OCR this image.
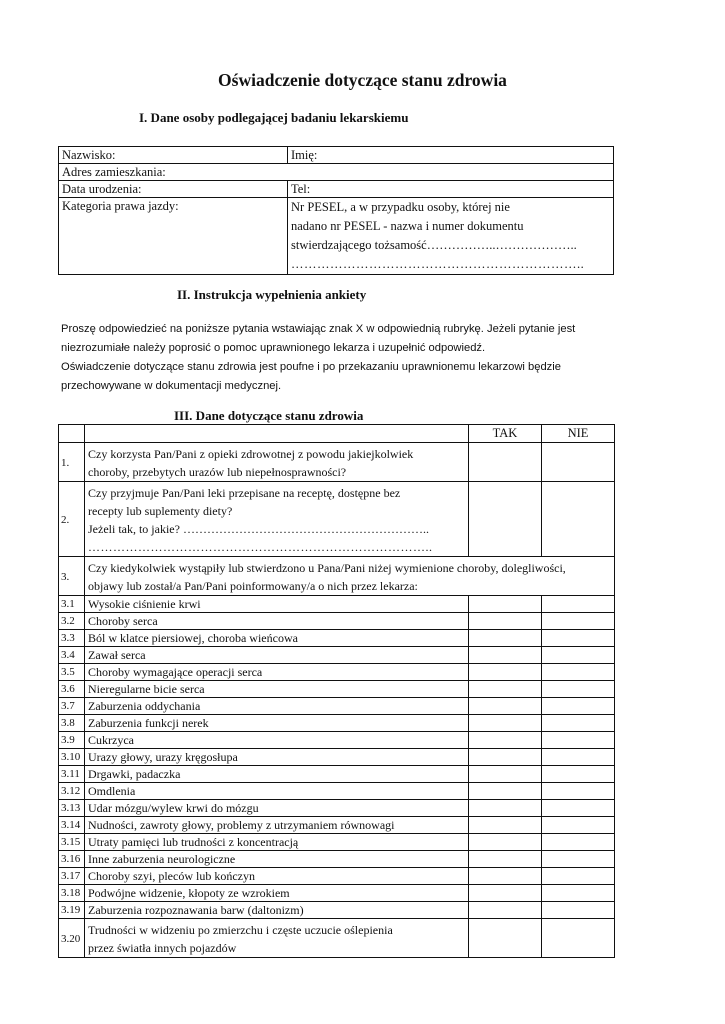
Oświadczenie dotyczące stanu zdrowia
I. Dane osoby podlegającej badaniu lekarskiemu
Nazwisko:	Imię:
Adres zamieszkania:	
Data urodzenia:	Tel:
Kategoria prawa jazdy:	Nr PESEL, a w przypadku osoby, której nie
nadano nr PESEL - nazwa i numer dokumentu
stwierdzającego tożsamość……………..………………..
…………………………………………………………..
II. Instrukcja wypełnienia ankiety
Proszę odpowiedzieć na poniższe pytania wstawiając znak X w odpowiednią rubrykę. Jeżeli pytanie jest
niezrozumiałe należy poprosić o pomoc uprawnionego lekarza i uzupełnić odpowiedź.
Oświadczenie dotyczące stanu zdrowia jest poufne i po przekazaniu uprawnionemu lekarzowi będzie
przechowywane w dokumentacji medycznej.
III. Dane dotyczące stanu zdrowia
		TAK	NIE
1.	Czy korzysta Pan/Pani z opieki zdrowotnej z powodu jakiejkolwiek
choroby, przebytych urazów lub niepełnosprawności?		

2.	Czy przyjmuje Pan/Pani leki przepisane na receptę, dostępne bez
recepty lub suplementy diety?
Jeżeli tak, to jakie? ……………………………………………………..
………………………………………………………………………..		

3.	Czy kiedykolwiek wystąpiły lub stwierdzono u Pana/Pani niżej wymienione choroby, dolegliwości,
objawy lub został/a Pan/Pani poinformowany/a o nich przez lekarza:		

3.1	Wysokie ciśnienie krwi		
3.2	Choroby serca		
3.3	Ból w klatce piersiowej, choroba wieńcowa		
3.4	Zawał serca		
3.5	Choroby wymagające operacji serca		
3.6	Nieregularne bicie serca		
3.7	Zaburzenia oddychania		
3.8	Zaburzenia funkcji nerek		
3.9	Cukrzyca		
3.10	Urazy głowy, urazy kręgosłupa		
3.11	Drgawki, padaczka		
3.12	Omdlenia		
3.13	Udar mózgu/wylew krwi do mózgu		
3.14	Nudności, zawroty głowy, problemy z utrzymaniem równowagi		
3.15	Utraty pamięci lub trudności z koncentracją		
3.16	Inne zaburzenia neurologiczne		
3.17	Choroby szyi, pleców lub kończyn		
3.18	Podwójne widzenie, kłopoty ze wzrokiem		
3.19	Zaburzenia rozpoznawania barw (daltonizm)		
3.20	Trudności w widzeniu po zmierzchu i częste uczucie oślepienia
przez światła innych pojazdów		
